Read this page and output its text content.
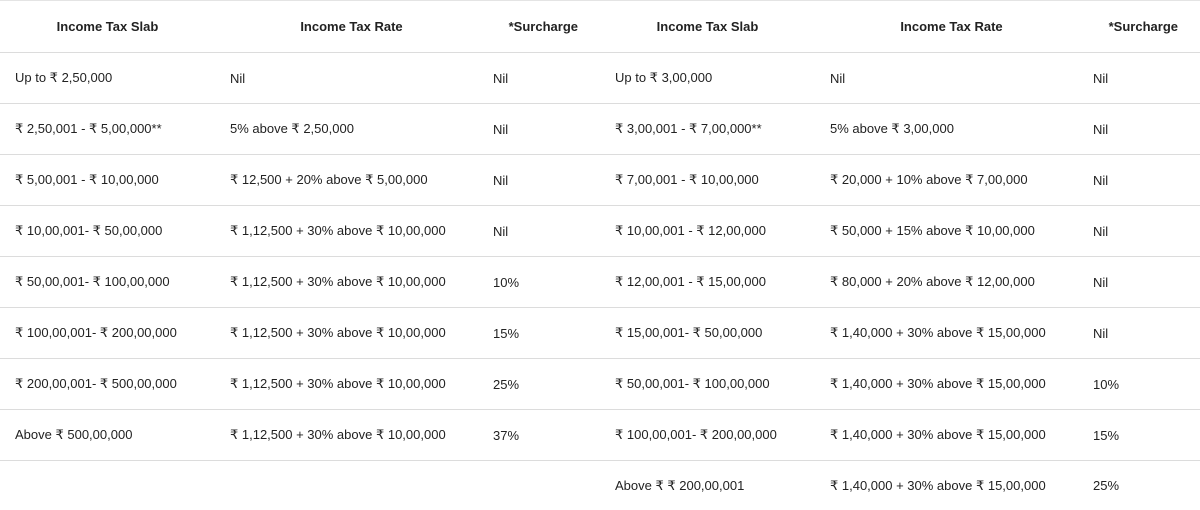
Income Tax Slab	Income Tax Rate	*Surcharge	Income Tax Slab	Income Tax Rate	*Surcharge
Up to ₹ 2,50,000	Nil	Nil	Up to ₹ 3,00,000	Nil	Nil
₹ 2,50,001 - ₹ 5,00,000**	5% above ₹ 2,50,000	Nil	₹ 3,00,001 - ₹ 7,00,000**	5% above ₹ 3,00,000	Nil
₹ 5,00,001 - ₹ 10,00,000	₹ 12,500 + 20% above ₹ 5,00,000	Nil	₹ 7,00,001 - ₹ 10,00,000	₹ 20,000 + 10% above ₹ 7,00,000	Nil
₹ 10,00,001- ₹ 50,00,000	₹ 1,12,500 + 30% above ₹ 10,00,000	Nil	₹ 10,00,001 - ₹ 12,00,000	₹ 50,000 + 15% above ₹ 10,00,000	Nil
₹ 50,00,001- ₹ 100,00,000	₹ 1,12,500 + 30% above ₹ 10,00,000	10%	₹ 12,00,001 - ₹ 15,00,000	₹ 80,000 + 20% above ₹ 12,00,000	Nil
₹ 100,00,001- ₹ 200,00,000	₹ 1,12,500 + 30% above ₹ 10,00,000	15%	₹ 15,00,001- ₹ 50,00,000	₹ 1,40,000 + 30% above ₹ 15,00,000	Nil
₹ 200,00,001- ₹ 500,00,000	₹ 1,12,500 + 30% above ₹ 10,00,000	25%	₹ 50,00,001- ₹ 100,00,000	₹ 1,40,000 + 30% above ₹ 15,00,000	10%
Above ₹ 500,00,000	₹ 1,12,500 + 30% above ₹ 10,00,000	37%	₹ 100,00,001- ₹ 200,00,000	₹ 1,40,000 + 30% above ₹ 15,00,000	15%
			Above ₹ ₹ 200,00,001	₹ 1,40,000 + 30% above ₹ 15,00,000	25%
